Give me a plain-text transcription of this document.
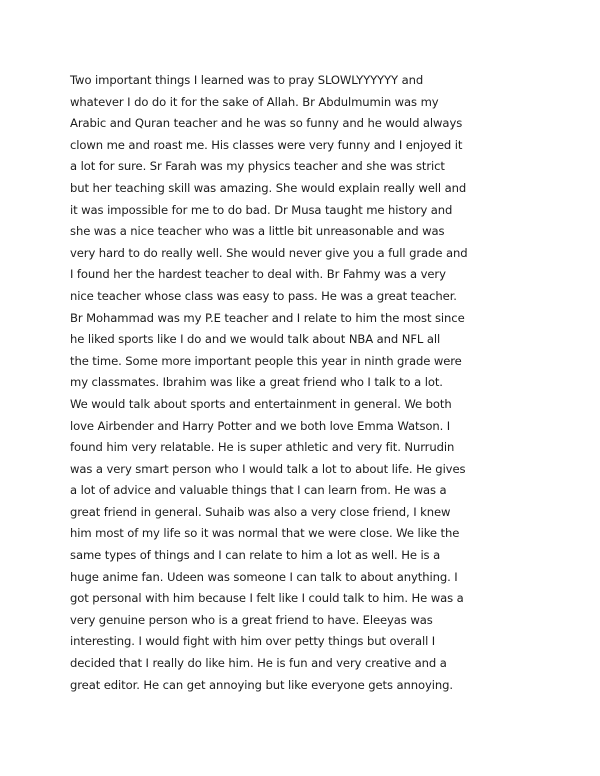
Two important things I learned was to pray SLOWLYYYYYY and
whatever I do do it for the sake of Allah. Br Abdulmumin was my
Arabic and Quran teacher and he was so funny and he would always
clown me and roast me. His classes were very funny and I enjoyed it
a lot for sure. Sr Farah was my physics teacher and she was strict
but her teaching skill was amazing. She would explain really well and
it was impossible for me to do bad. Dr Musa taught me history and
she was a nice teacher who was a little bit unreasonable and was
very hard to do really well. She would never give you a full grade and
I found her the hardest teacher to deal with. Br Fahmy was a very
nice teacher whose class was easy to pass. He was a great teacher.
Br Mohammad was my P.E teacher and I relate to him the most since
he liked sports like I do and we would talk about NBA and NFL all
the time. Some more important people this year in ninth grade were
my classmates. Ibrahim was like a great friend who I talk to a lot.
We would talk about sports and entertainment in general. We both
love Airbender and Harry Potter and we both love Emma Watson. I
found him very relatable. He is super athletic and very fit. Nurrudin
was a very smart person who I would talk a lot to about life. He gives
a lot of advice and valuable things that I can learn from. He was a
great friend in general. Suhaib was also a very close friend, I knew
him most of my life so it was normal that we were close. We like the
same types of things and I can relate to him a lot as well. He is a
huge anime fan. Udeen was someone I can talk to about anything. I
got personal with him because I felt like I could talk to him. He was a
very genuine person who is a great friend to have. Eleeyas was
interesting. I would fight with him over petty things but overall I
decided that I really do like him. He is fun and very creative and a
great editor. He can get annoying but like everyone gets annoying.
